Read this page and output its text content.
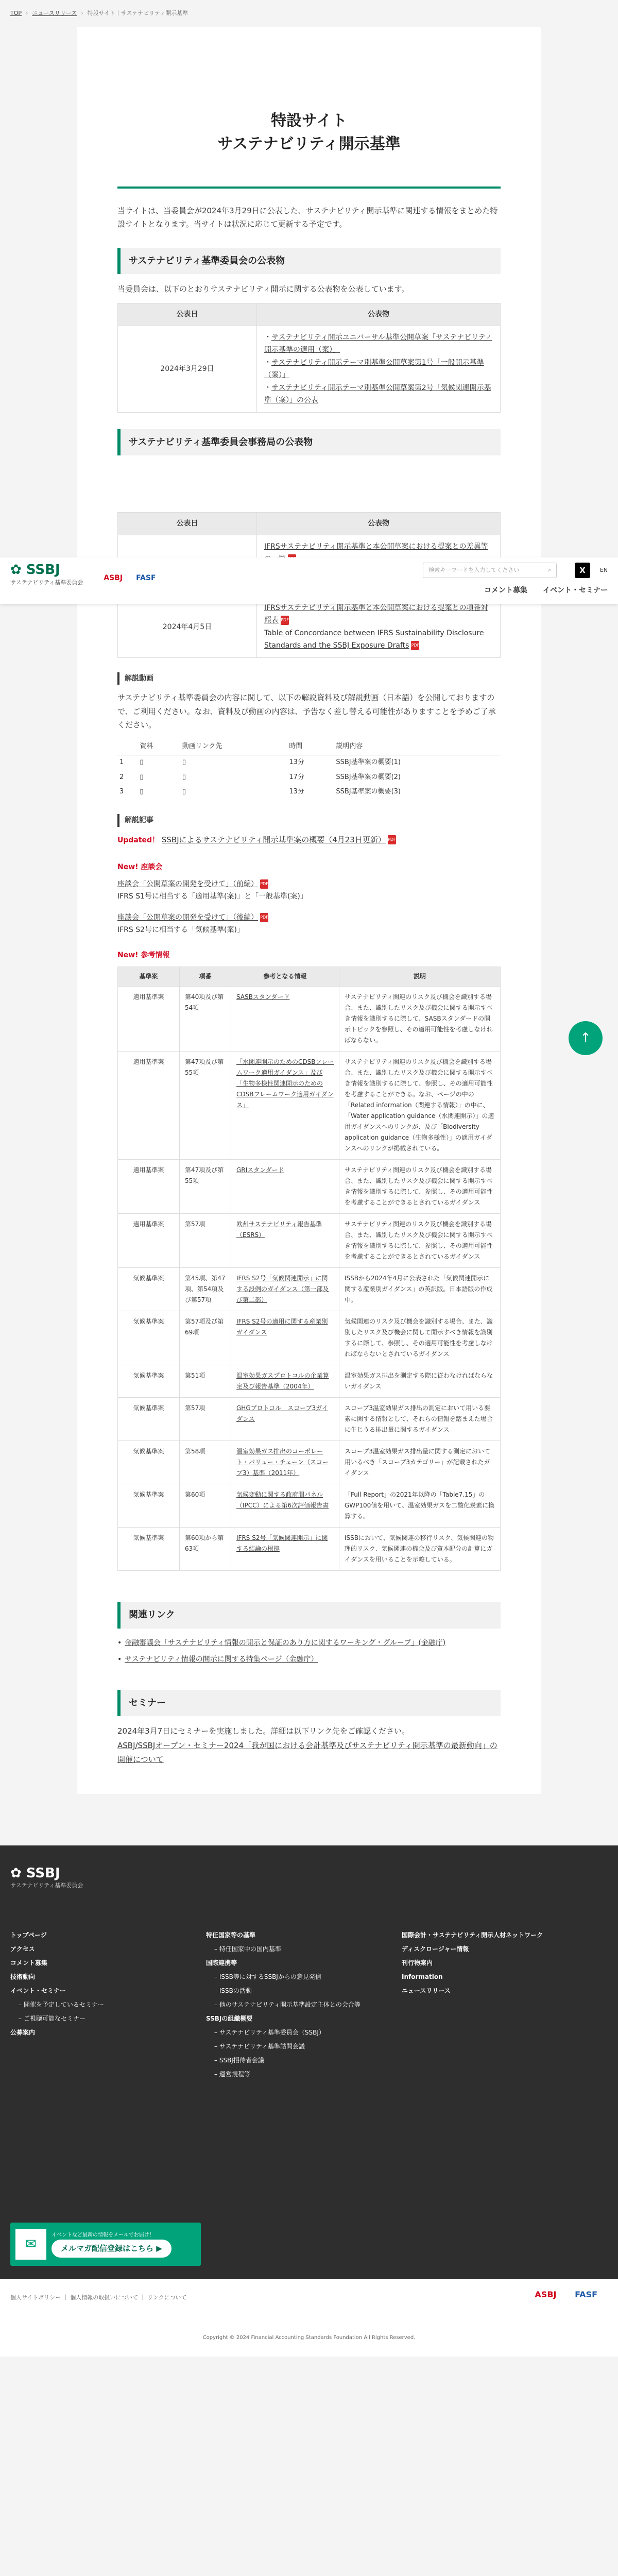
TOP › ニュースリリース › 特設サイト｜サステナビリティ開示基準
特設サイト
サステナビリティ開示基準

当サイトは、当委員会が2024年3月29日に公表した、サステナビリティ開示基準に関連する情報をまとめた特設サイトとなります。当サイトは状況に応じて更新する予定です。

サステナビリティ基準委員会の公表物

当委員会は、以下のとおりサステナビリティ開示に関する公表物を公表しています。

公表日	公表物
2024年3月29日	・サステナビリティ開示ユニバーサル基準公開草案「サステナビリティ開示基準の適用（案）」
・サステナビリティ開示テーマ別基準公開草案第1号「一般開示基準（案）」
・サステナビリティ開示テーマ別基準公開草案第2号「気候関連開示基準（案）」の公表
サステナビリティ基準委員会事務局の公表物
✿ SSBJ
サステナビリティ基準委員会
ASBJ FASF
検索キーワードを入力してください	⌕	X	EN
コメント募集 イベント・セミナー
公表日	公表物
	IFRSサステナビリティ開示基準と本公開草案における提案との差異等

2024年4月5日	IFRSサステナビリティ開示基準と本公開草案における提案との項番対照表 PDF
Table of Concordance between IFRS Sustainability Disclosure Standards and the SSBJ Exposure Drafts PDF
解説動画

サステナビリティ基準委員会の内容に関して、以下の解説資料及び解説動画（日本語）を公開しておりますので、ご利用ください。なお、資料及び動画の内容は、予告なく差し替える可能性がありますことを予めご了承ください。

	資料	動画リンク先	時間	説明内容
1	▯	▯	13分	SSBJ基準案の概要(1)
2	▯	▯	17分	SSBJ基準案の概要(2)
3	▯	▯	13分	SSBJ基準案の概要(3)
解説記事

Updated！ SSBJによるサステナビリティ開示基準案の概要（4月23日更新） PDF

New! 座談会

座談会「公開草案の開発を受けて」（前編） PDF
IFRS S1号に相当する「適用基準(案)」と「一般基準(案)」

座談会「公開草案の開発を受けて」（後編） PDF
IFRS S2号に相当する「気候基準(案)」

New! 参考情報
基準案	項番	参考となる情報	説明
適用基準案	第40項及び第54項	SASBスタンダード	サステナビリティ関連のリスク及び機会を識別する場合、また、識別したリスク及び機会に関する開示すべき情報を識別するに際して、SASBスタンダードの開示トピックを参照し、その適用可能性を考慮しなければならない。
適用基準案	第47項及び第55項	「水関連開示のためのCDSBフレームワーク適用ガイダンス」及び「生物多様性関連開示のためのCDSBフレームワーク適用ガイダンス」	サステナビリティ関連のリスク及び機会を識別する場合、また、識別したリスク及び機会に関する開示すべき情報を識別するに際して、参照し、その適用可能性を考慮することができる。なお、ページの中の「Related information（関連する情報）」の中に、「Water application guidance（水関連開示）」の適用ガイダンスへのリンクが、及び「Biodiversity application guidance（生物多様性）」の適用ガイダンスへのリンクが掲載されている。
適用基準案	第47項及び第55項	GRIスタンダード	サステナビリティ関連のリスク及び機会を識別する場合、また、識別したリスク及び機会に関する開示すべき情報を識別するに際して、参照し、その適用可能性を考慮することができるとされているガイダンス
適用基準案	第57項	欧州サステナビリティ報告基準（ESRS）	サステナビリティ関連のリスク及び機会を識別する場合、また、識別したリスク及び機会に関する開示すべき情報を識別するに際して、参照し、その適用可能性を考慮することができるとされているガイダンス
気候基準案	第45項、第47項、第54項及び第57項	IFRS S2号「気候関連開示」に関する設例のガイダンス（第一部及び第二部）	ISSBから2024年4月に公表された「気候関連開示に関する産業別ガイダンス」の英訳版。日本語版の作成中。
気候基準案	第57項及び第69項	IFRS S2号の適用に関する産業別ガイダンス	気候関連のリスク及び機会を識別する場合、また、識別したリスク及び機会に関して開示すべき情報を識別するに際して、参照し、その適用可能性を考慮しなければならないとされているガイダンス
気候基準案	第51項	温室効果ガスプロトコルの企業算定及び報告基準（2004年）	温室効果ガス排出を測定する際に従わなければならないガイダンス
気候基準案	第57項	GHGプロトコル　スコープ3ガイダンス	スコープ3温室効果ガス排出の測定において用いる要素に関する情報として、それらの情報を踏まえた場合に生じうる排出量に関するガイダンス
気候基準案	第58項	温室効果ガス排出のコーポレート・バリュー・チェーン（スコープ3）基準（2011年）	スコープ3温室効果ガス排出量に関する測定において用いるべき「スコープ3カテゴリー」が記載されたガイダンス
気候基準案	第60項	気候変動に関する政府間パネル（IPCC）による第6次評価報告書	「Full Report」の2021年以降の「Table7.15」のGWP100値を用いて、温室効果ガスを二酸化炭素に換算する。
気候基準案	第60項から第63項	IFRS S2号「気候関連開示」に関する結論の根拠	ISSBにおいて、気候関連の移行リスク、気候関連の物理的リスク、気候関連の機会及び資本配分の計算にガイダンスを用いることを示唆している。
関連リンク
• 金融審議会「サステナビリティ情報の開示と保証のあり方に関するワーキング・グループ」(金融庁)
• サステナビリティ情報の開示に関する特集ページ（金融庁）
セミナー

2024年3月7日にセミナーを実施しました。詳細は以下リンク先をご確認ください。

ASBJ/SSBJオープン・セミナー2024「我が国における会計基準及びサステナビリティ開示基準の最新動向」の開催について

↑
✿ SSBJ
サステナビリティ基準委員会
トップページ
アクセス
コメント募集
技術動向
イベント・セミナー
– 開催を予定しているセミナー
– ご視聴可能なセミナー
公募案内
特任国家等の基準
– 特任国家中の国内基準
国際連携等
– ISSB等に対するSSBJからの意見発信
– ISSBの活動
– 他のサステナビリティ開示基準設定主体との会合等
SSBJの組織概要
– サステナビリティ基準委員会（SSBJ）
– サステナビリティ基準諮問会議
– SSBJ招待者会議
– 運営規程等
国際会計・サステナビリティ開示人材ネットワーク
ディスクロージャー情報
刊行物案内
Information
ニュースリリース
✉
イベントなど最新の情報をメールでお届け！
メルマガ配信登録はこちら ▶
個人サイトポリシー ｜ 個人情報の取扱いについて ｜ リンクについて	ASBJ FASF
Copyright © 2024 Financial Accounting Standards Foundation All Rights Reserved.
